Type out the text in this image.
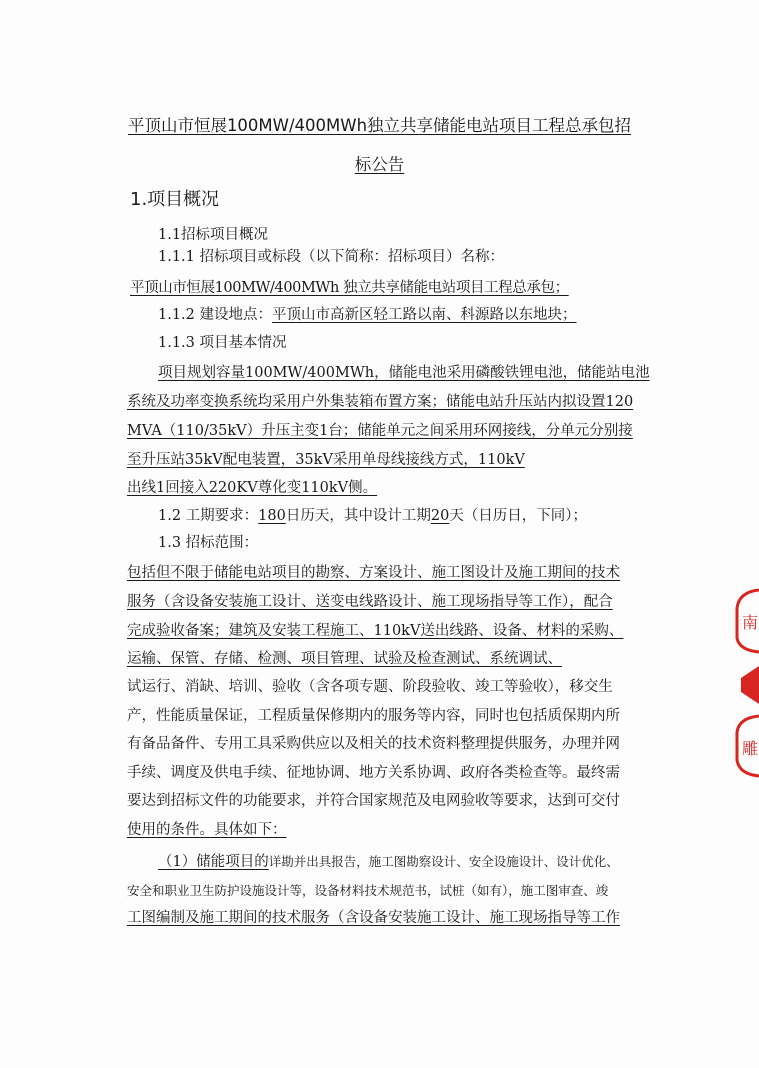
平顶山市恒展100MW/400MWh独立共享储能电站项目工程总承包招
标公告
1.项目概况
1.1招标项目概况
1.1.1 招标项目或标段（以下简称：招标项目）名称：
平顶山市恒展100MW/400MWh 独立共享储能电站项目工程总承包；
1.1.2 建设地点：平顶山市高新区轻工路以南、科源路以东地块；
1.1.3 项目基本情况
项目规划容量100MW/400MWh，储能电池采用磷酸铁锂电池，储能站电池
系统及功率变换系统均采用户外集装箱布置方案；储能电站升压站内拟设置120
MVA（110/35kV）升压主变1台；储能单元之间采用环网接线，分单元分别接
至升压站35kV配电装置，35kV采用单母线接线方式，110kV
出线1回接入220KV尊化变110kV侧。
1.2 工期要求：180日历天，其中设计工期20天（日历日，下同）；
1.3 招标范围：
包括但不限于储能电站项目的勘察、方案设计、施工图设计及施工期间的技术
服务（含设备安装施工设计、送变电线路设计、施工现场指导等工作），配合
完成验收备案；建筑及安装工程施工、110kV送出线路、设备、材料的采购、
运输、保管、存储、检测、项目管理、试验及检查测试、系统调试、
试运行、消缺、培训、验收（含各项专题、阶段验收、竣工等验收），移交生
产，性能质量保证，工程质量保修期内的服务等内容，同时也包括质保期内所
有备品备件、专用工具采购供应以及相关的技术资料整理提供服务，办理并网
手续、调度及供电手续、征地协调、地方关系协调、政府各类检查等。最终需
要达到招标文件的功能要求，并符合国家规范及电网验收等要求，达到可交付
使用的条件。具体如下：
（1）储能项目的详勘并出具报告，施工图勘察设计、安全设施设计、设计优化、
安全和职业卫生防护设施设计等，设备材料技术规范书，试桩（如有），施工图审查、竣
工图编制及施工期间的技术服务（含设备安装施工设计、施工现场指导等工作
南
雕
